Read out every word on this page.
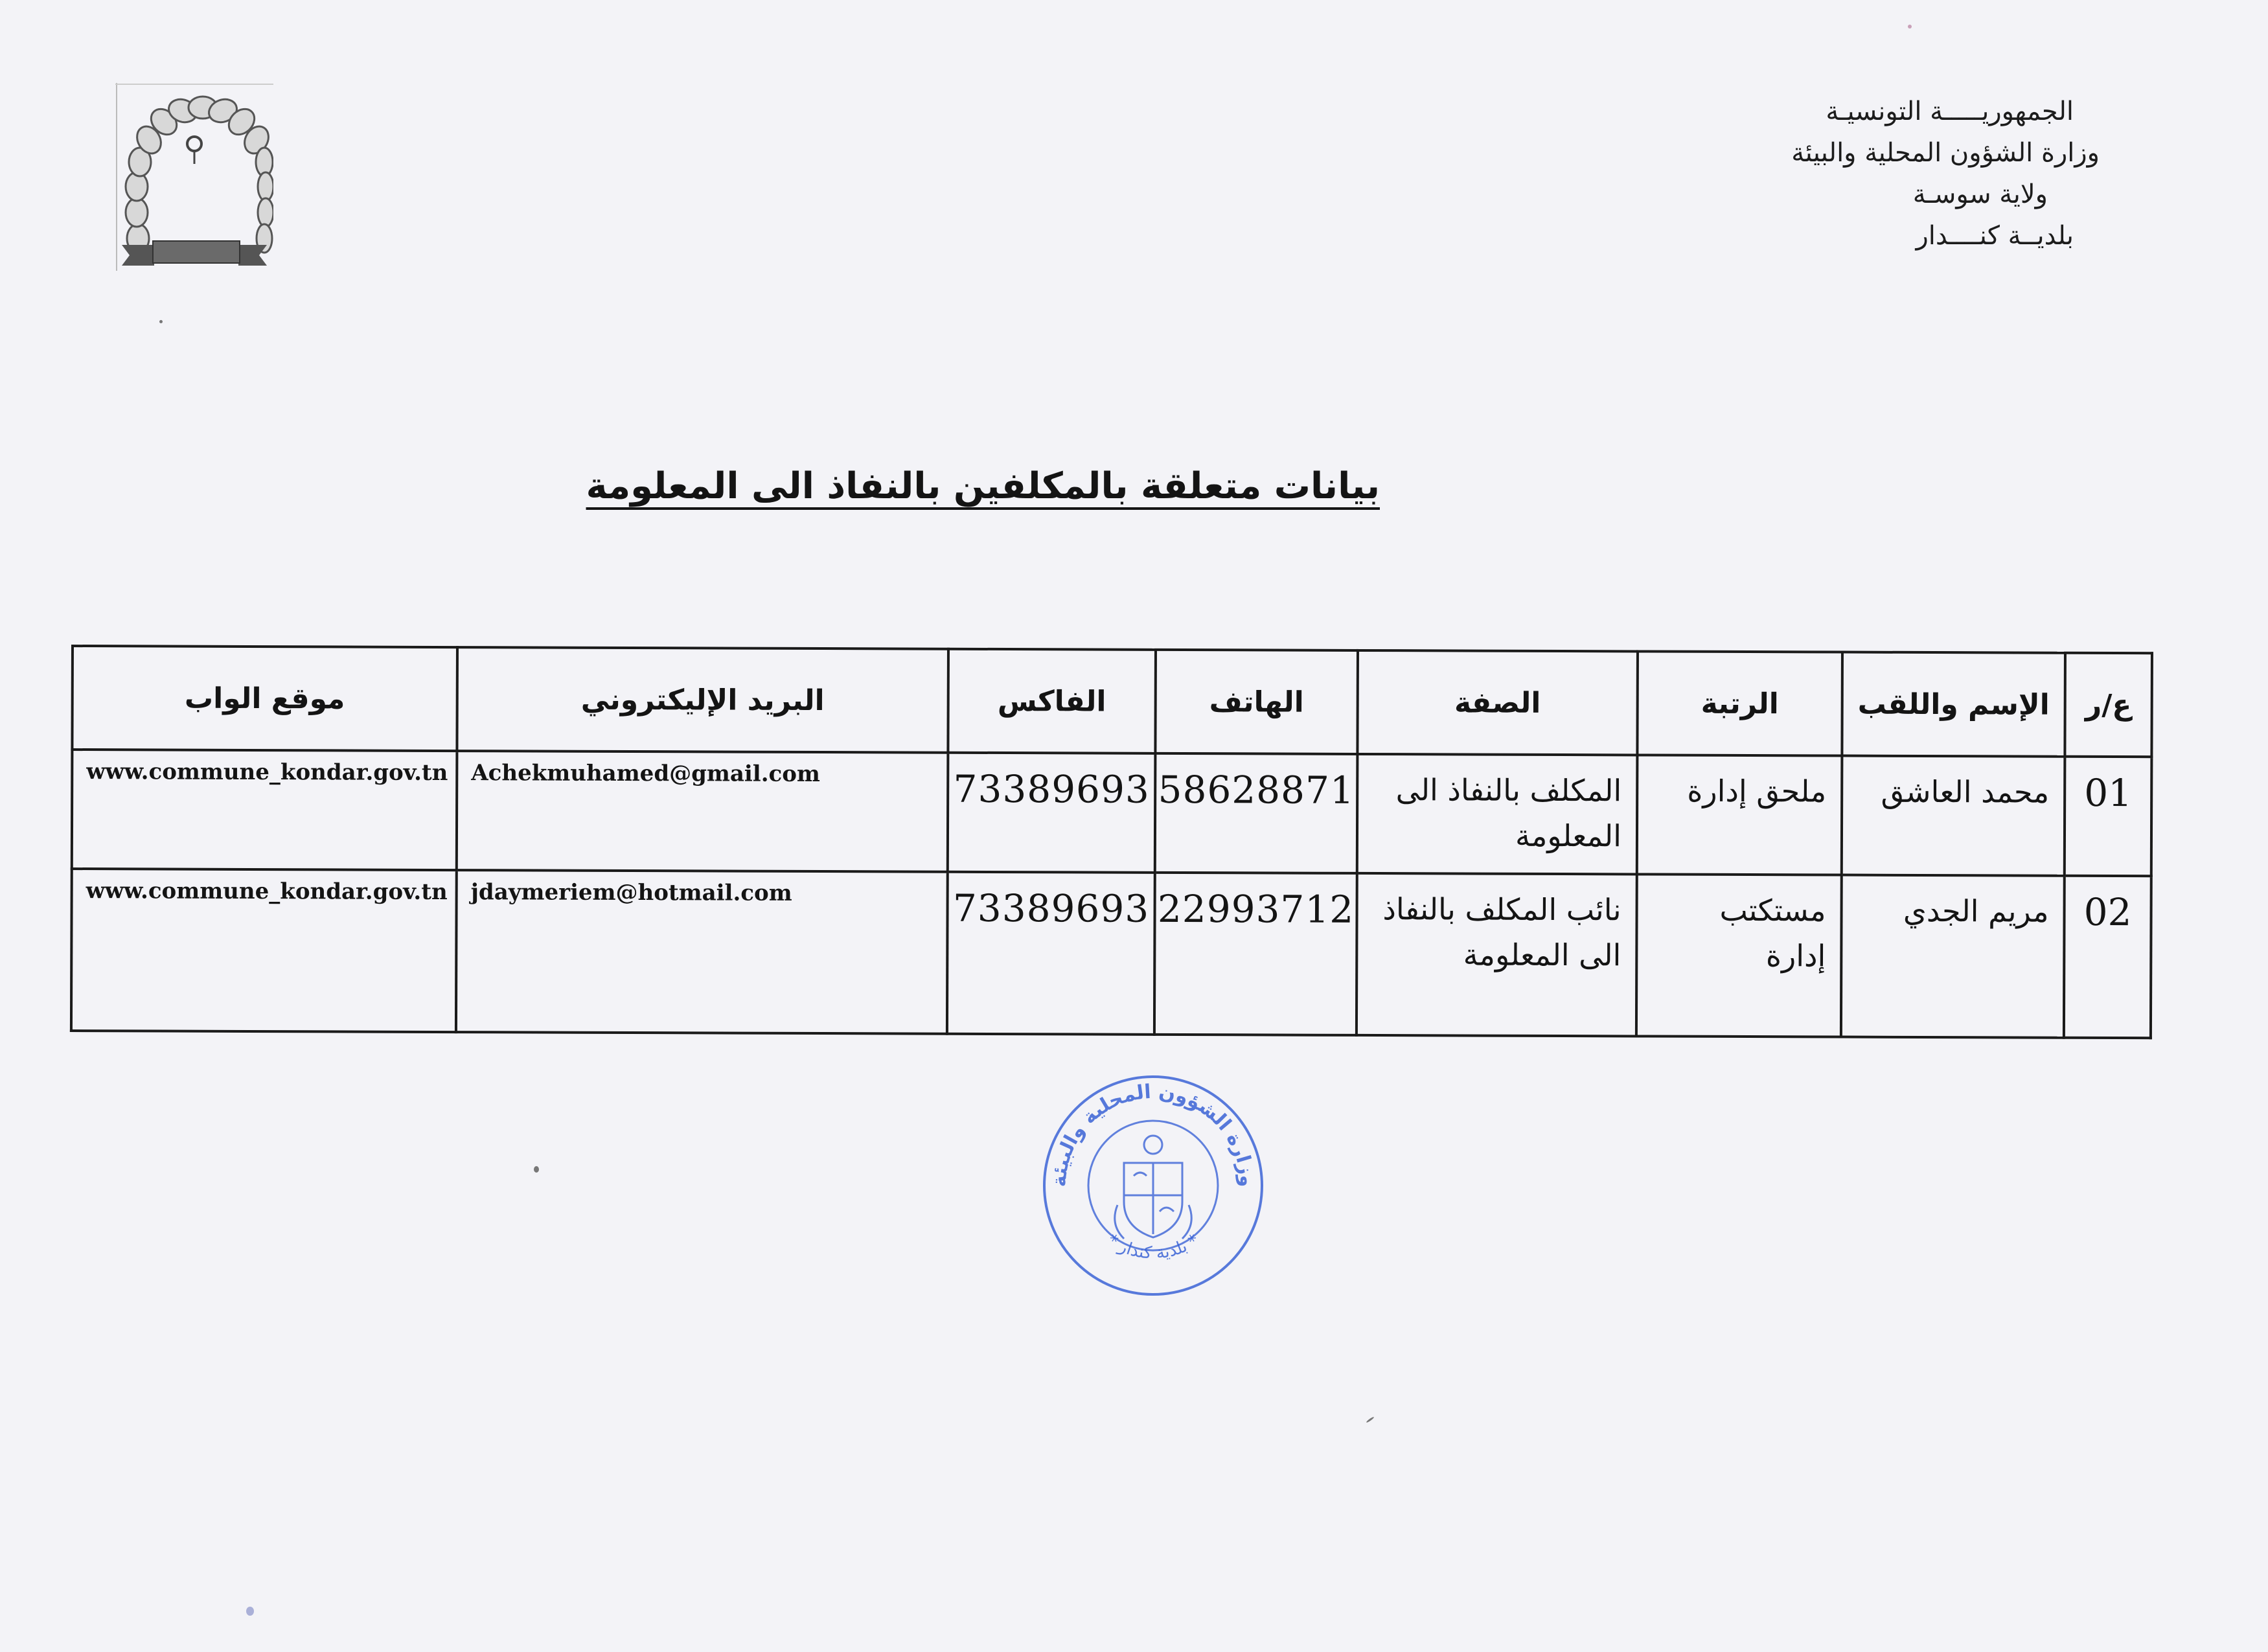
الجمهوريـــــة التونسيـة
وزارة الشؤون المحلية والبيئة
ولاية سوسـة
بلديــة كنــــدار
بيانات متعلقة بالمكلفين بالنفاذ الى المعلومة
موقع الواب	البريد الإليكتروني	الفاكس	الهاتف	الصفة	الرتبة	الإسم واللقب	ع/ر
www.commune_kondar.gov.tn	Achekmuhamed@gmail.com	73389693	58628871	المكلف بالنفاذ الى المعلومة	ملحق إدارة	محمد العاشق	01
www.commune_kondar.gov.tn	jdaymeriem@hotmail.com	73389693	22993712	نائب المكلف بالنفاذ الى المعلومة	مستكتب إدارة	مريم الجدي	02
وزارة الشؤون المحلية والبيئة
* بلدية كندار *
